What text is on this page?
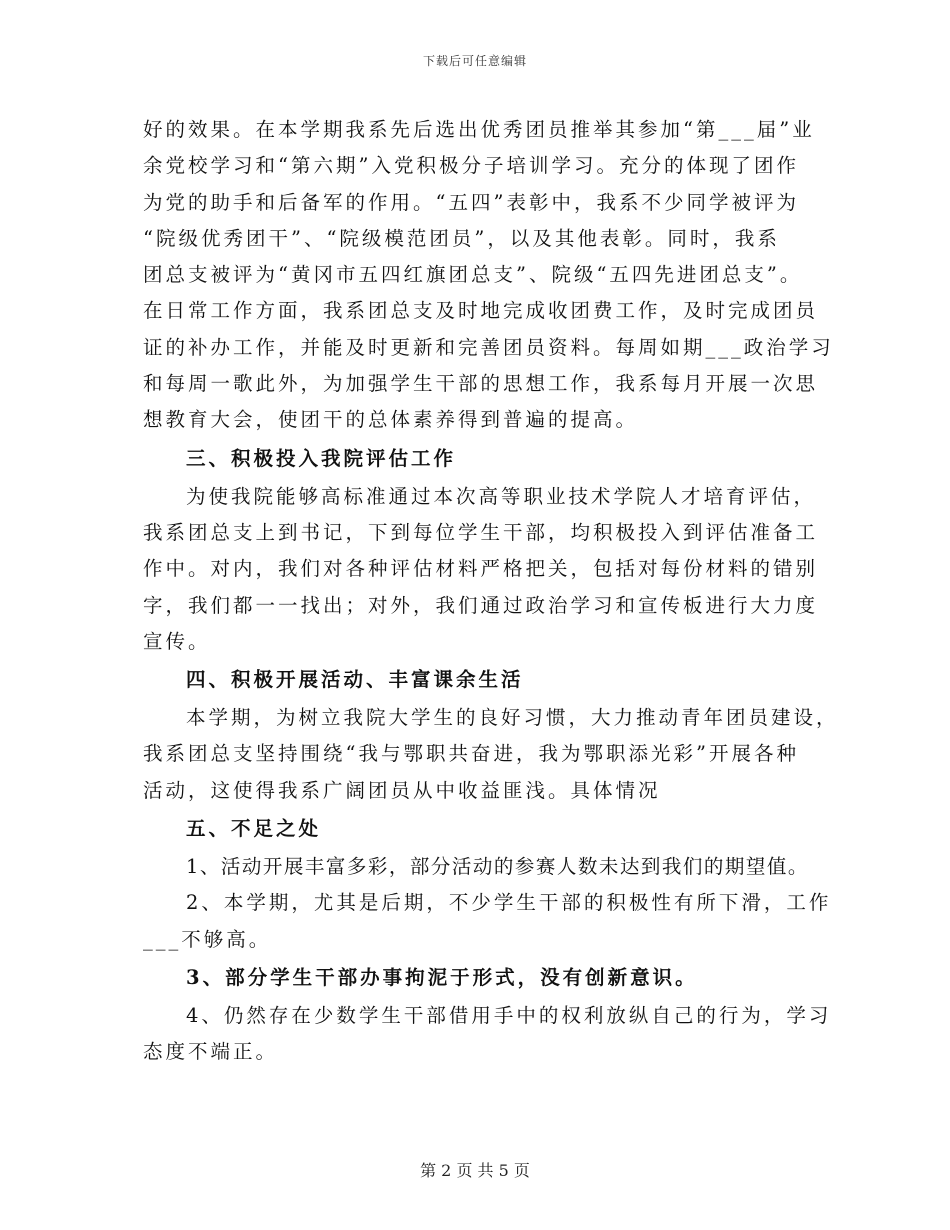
下载后可任意编辑
好的效果。在本学期我系先后选出优秀团员推举其参加“第___届”业
余党校学习和“第六期”入党积极分子培训学习。充分的体现了团作
为党的助手和后备军的作用。“五四”表彰中，我系不少同学被评为
“院级优秀团干”、“院级模范团员”，以及其他表彰。同时，我系
团总支被评为“黄冈市五四红旗团总支”、院级“五四先进团总支”。
在日常工作方面，我系团总支及时地完成收团费工作，及时完成团员
证的补办工作，并能及时更新和完善团员资料。每周如期___政治学习
和每周一歌此外，为加强学生干部的思想工作，我系每月开展一次思
想教育大会，使团干的总体素养得到普遍的提高。
三、积极投入我院评估工作
为使我院能够高标准通过本次高等职业技术学院人才培育评估，
我系团总支上到书记，下到每位学生干部，均积极投入到评估准备工
作中。对内，我们对各种评估材料严格把关，包括对每份材料的错别
字，我们都一一找出；对外，我们通过政治学习和宣传板进行大力度
宣传。
四、积极开展活动、丰富课余生活
本学期，为树立我院大学生的良好习惯，大力推动青年团员建设，
我系团总支坚持围绕“我与鄂职共奋进，我为鄂职添光彩”开展各种
活动，这使得我系广阔团员从中收益匪浅。具体情况
五、不足之处
1、活动开展丰富多彩，部分活动的参赛人数未达到我们的期望值。
2、本学期，尤其是后期，不少学生干部的积极性有所下滑，工作
___不够高。
3、部分学生干部办事拘泥于形式，没有创新意识。
4、仍然存在少数学生干部借用手中的权利放纵自己的行为，学习
态度不端正。
第 2 页 共 5 页
